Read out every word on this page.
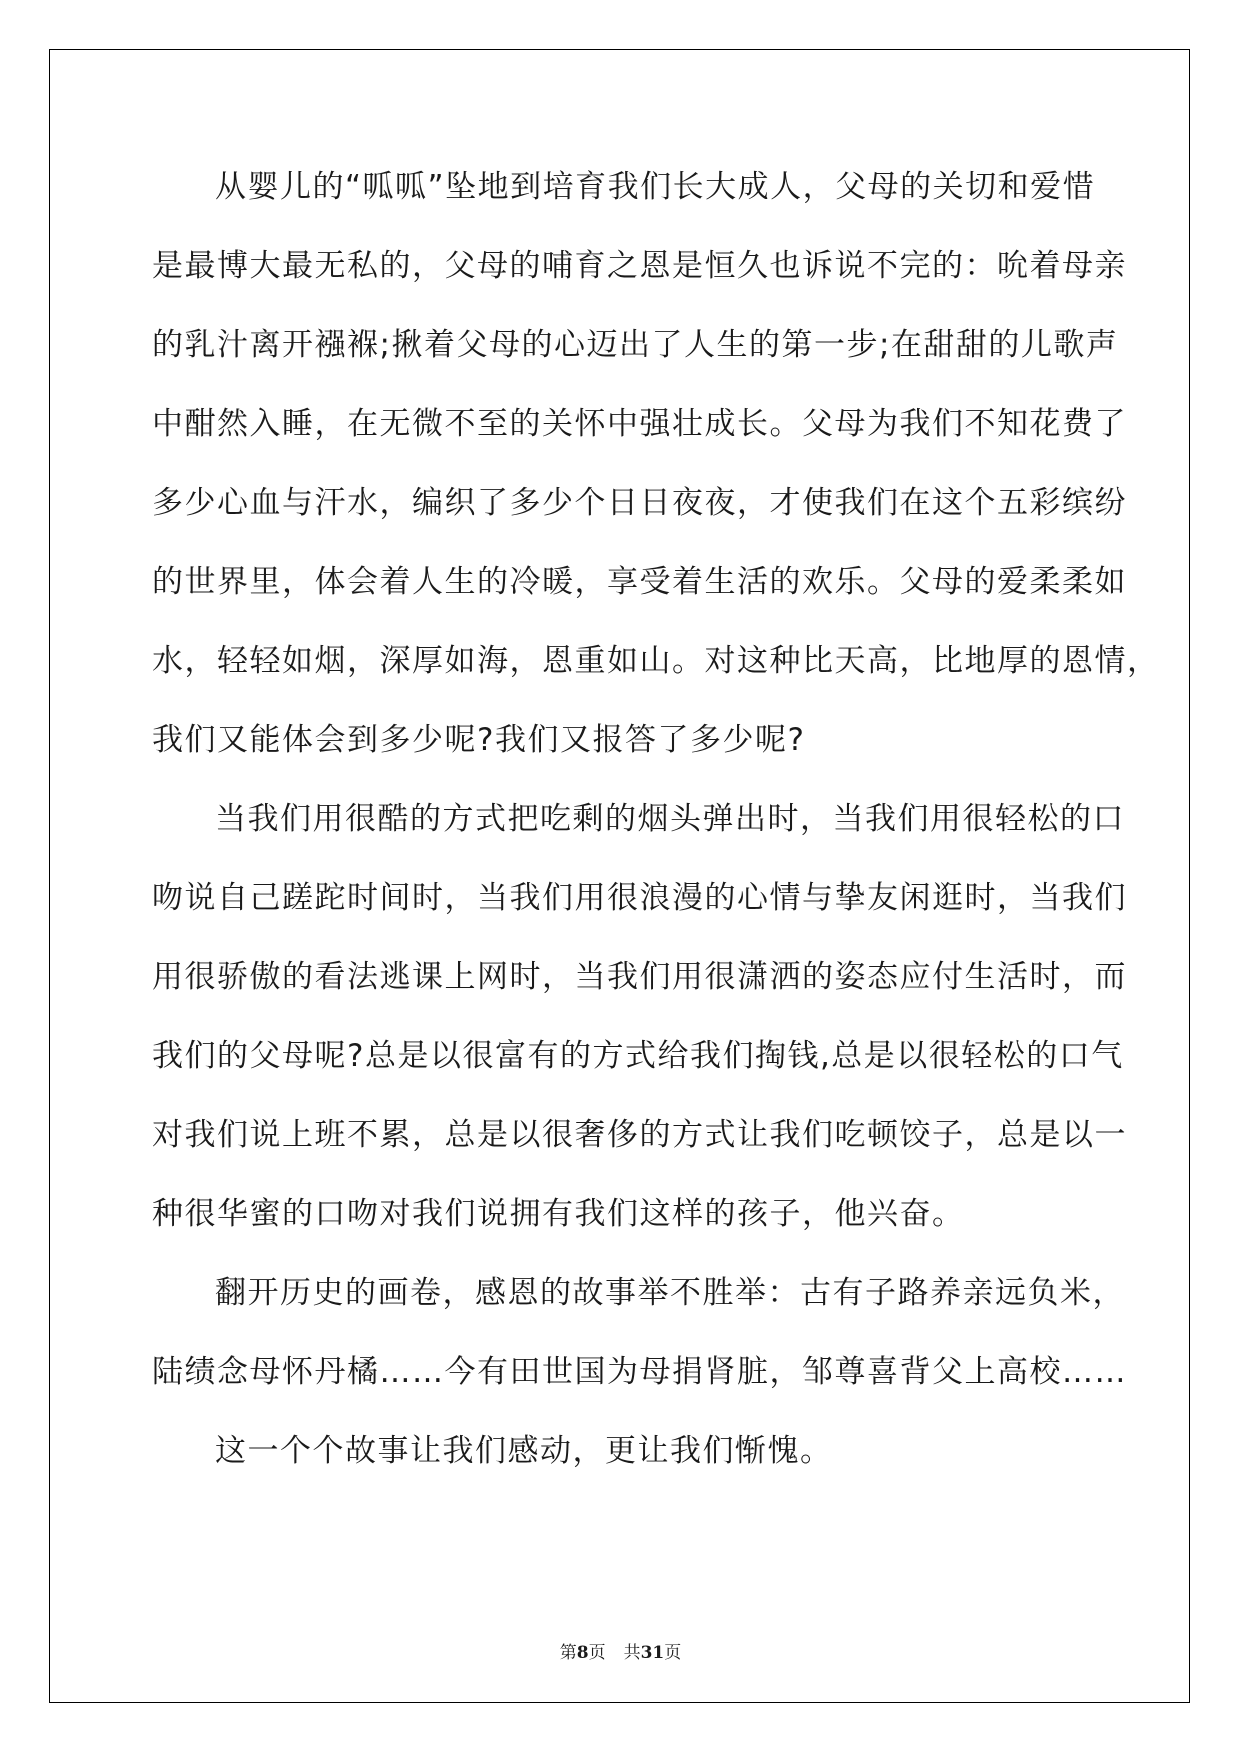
从婴儿的“呱呱”坠地到培育我们长大成人，父母的关切和爱惜
是最博大最无私的，父母的哺育之恩是恒久也诉说不完的：吮着母亲
的乳汁离开襁褓;揪着父母的心迈出了人生的第一步;在甜甜的儿歌声
中酣然入睡，在无微不至的关怀中强壮成长。父母为我们不知花费了
多少心血与汗水，编织了多少个日日夜夜，才使我们在这个五彩缤纷
的世界里，体会着人生的冷暖，享受着生活的欢乐。父母的爱柔柔如
水，轻轻如烟，深厚如海，恩重如山。对这种比天高，比地厚的恩情，
我们又能体会到多少呢?我们又报答了多少呢?
当我们用很酷的方式把吃剩的烟头弹出时，当我们用很轻松的口
吻说自己蹉跎时间时，当我们用很浪漫的心情与挚友闲逛时，当我们
用很骄傲的看法逃课上网时，当我们用很潇洒的姿态应付生活时，而
我们的父母呢?总是以很富有的方式给我们掏钱,总是以很轻松的口气
对我们说上班不累，总是以很奢侈的方式让我们吃顿饺子，总是以一
种很华蜜的口吻对我们说拥有我们这样的孩子，他兴奋。
翻开历史的画卷，感恩的故事举不胜举：古有子路养亲远负米，
陆绩念母怀丹橘……今有田世国为母捐肾脏，邹尊喜背父上高校……
这一个个故事让我们感动，更让我们惭愧。
第8页 共31页
